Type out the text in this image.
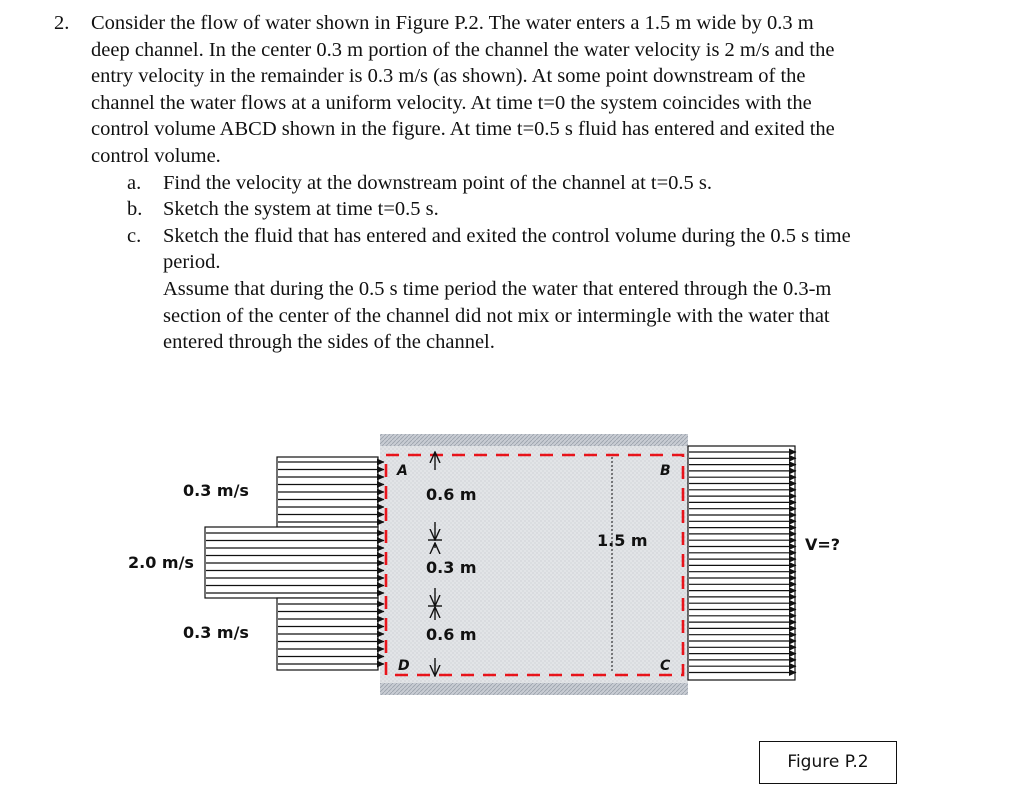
2. Consider the flow of water shown in Figure P.2. The water enters a 1.5 m wide by 0.3 m
deep channel. In the center 0.3 m portion of the channel the water velocity is 2 m/s and the
entry velocity in the remainder is 0.3 m/s (as shown). At some point downstream of the
channel the water flows at a uniform velocity. At time t=0 the system coincides with the
control volume ABCD shown in the figure. At time t=0.5 s fluid has entered and exited the
control volume.
a. Find the velocity at the downstream point of the channel at t=0.5 s.
b. Sketch the system at time t=0.5 s.
c. Sketch the fluid that has entered and exited the control volume during the 0.5 s time
period.
Assume that during the 0.5 s time period the water that entered through the 0.3-m
section of the center of the channel did not mix or intermingle with the water that
entered through the sides of the channel.
0.3 m/s
2.0 m/s
0.3 m/s
0.6 m
0.3 m
0.6 m
1.5 m	V=?
A	B
C
D
Figure P.2
